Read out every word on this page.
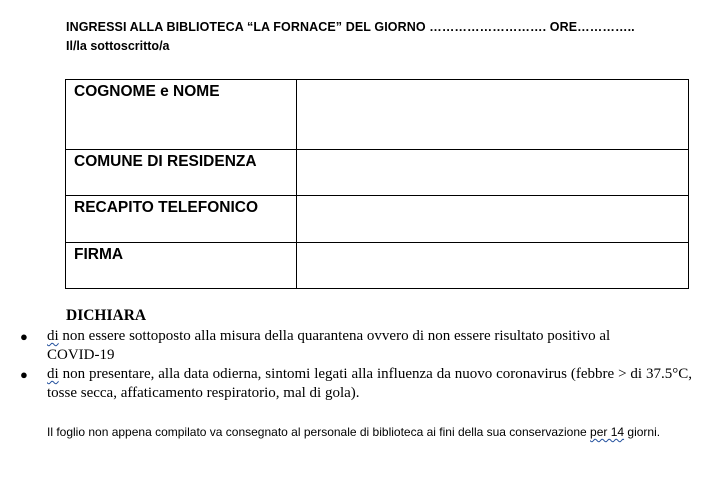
INGRESSI ALLA BIBLIOTECA “LA FORNACE” DEL GIORNO ………………………. ORE…………..
Il/la sottoscritto/a
COGNOME e NOME	
COMUNE DI RESIDENZA	
RECAPITO TELEFONICO	
FIRMA	
DICHIARA
● di non essere sottoposto alla misura della quarantena ovvero di non essere risultato positivo al COVID-19
● di non presentare, alla data odierna, sintomi legati alla influenza da nuovo coronavirus (febbre > di 37.5°C, tosse secca, affaticamento respiratorio, mal di gola).
Il foglio non appena compilato va consegnato al personale di biblioteca ai fini della sua conservazione per 14 giorni.
